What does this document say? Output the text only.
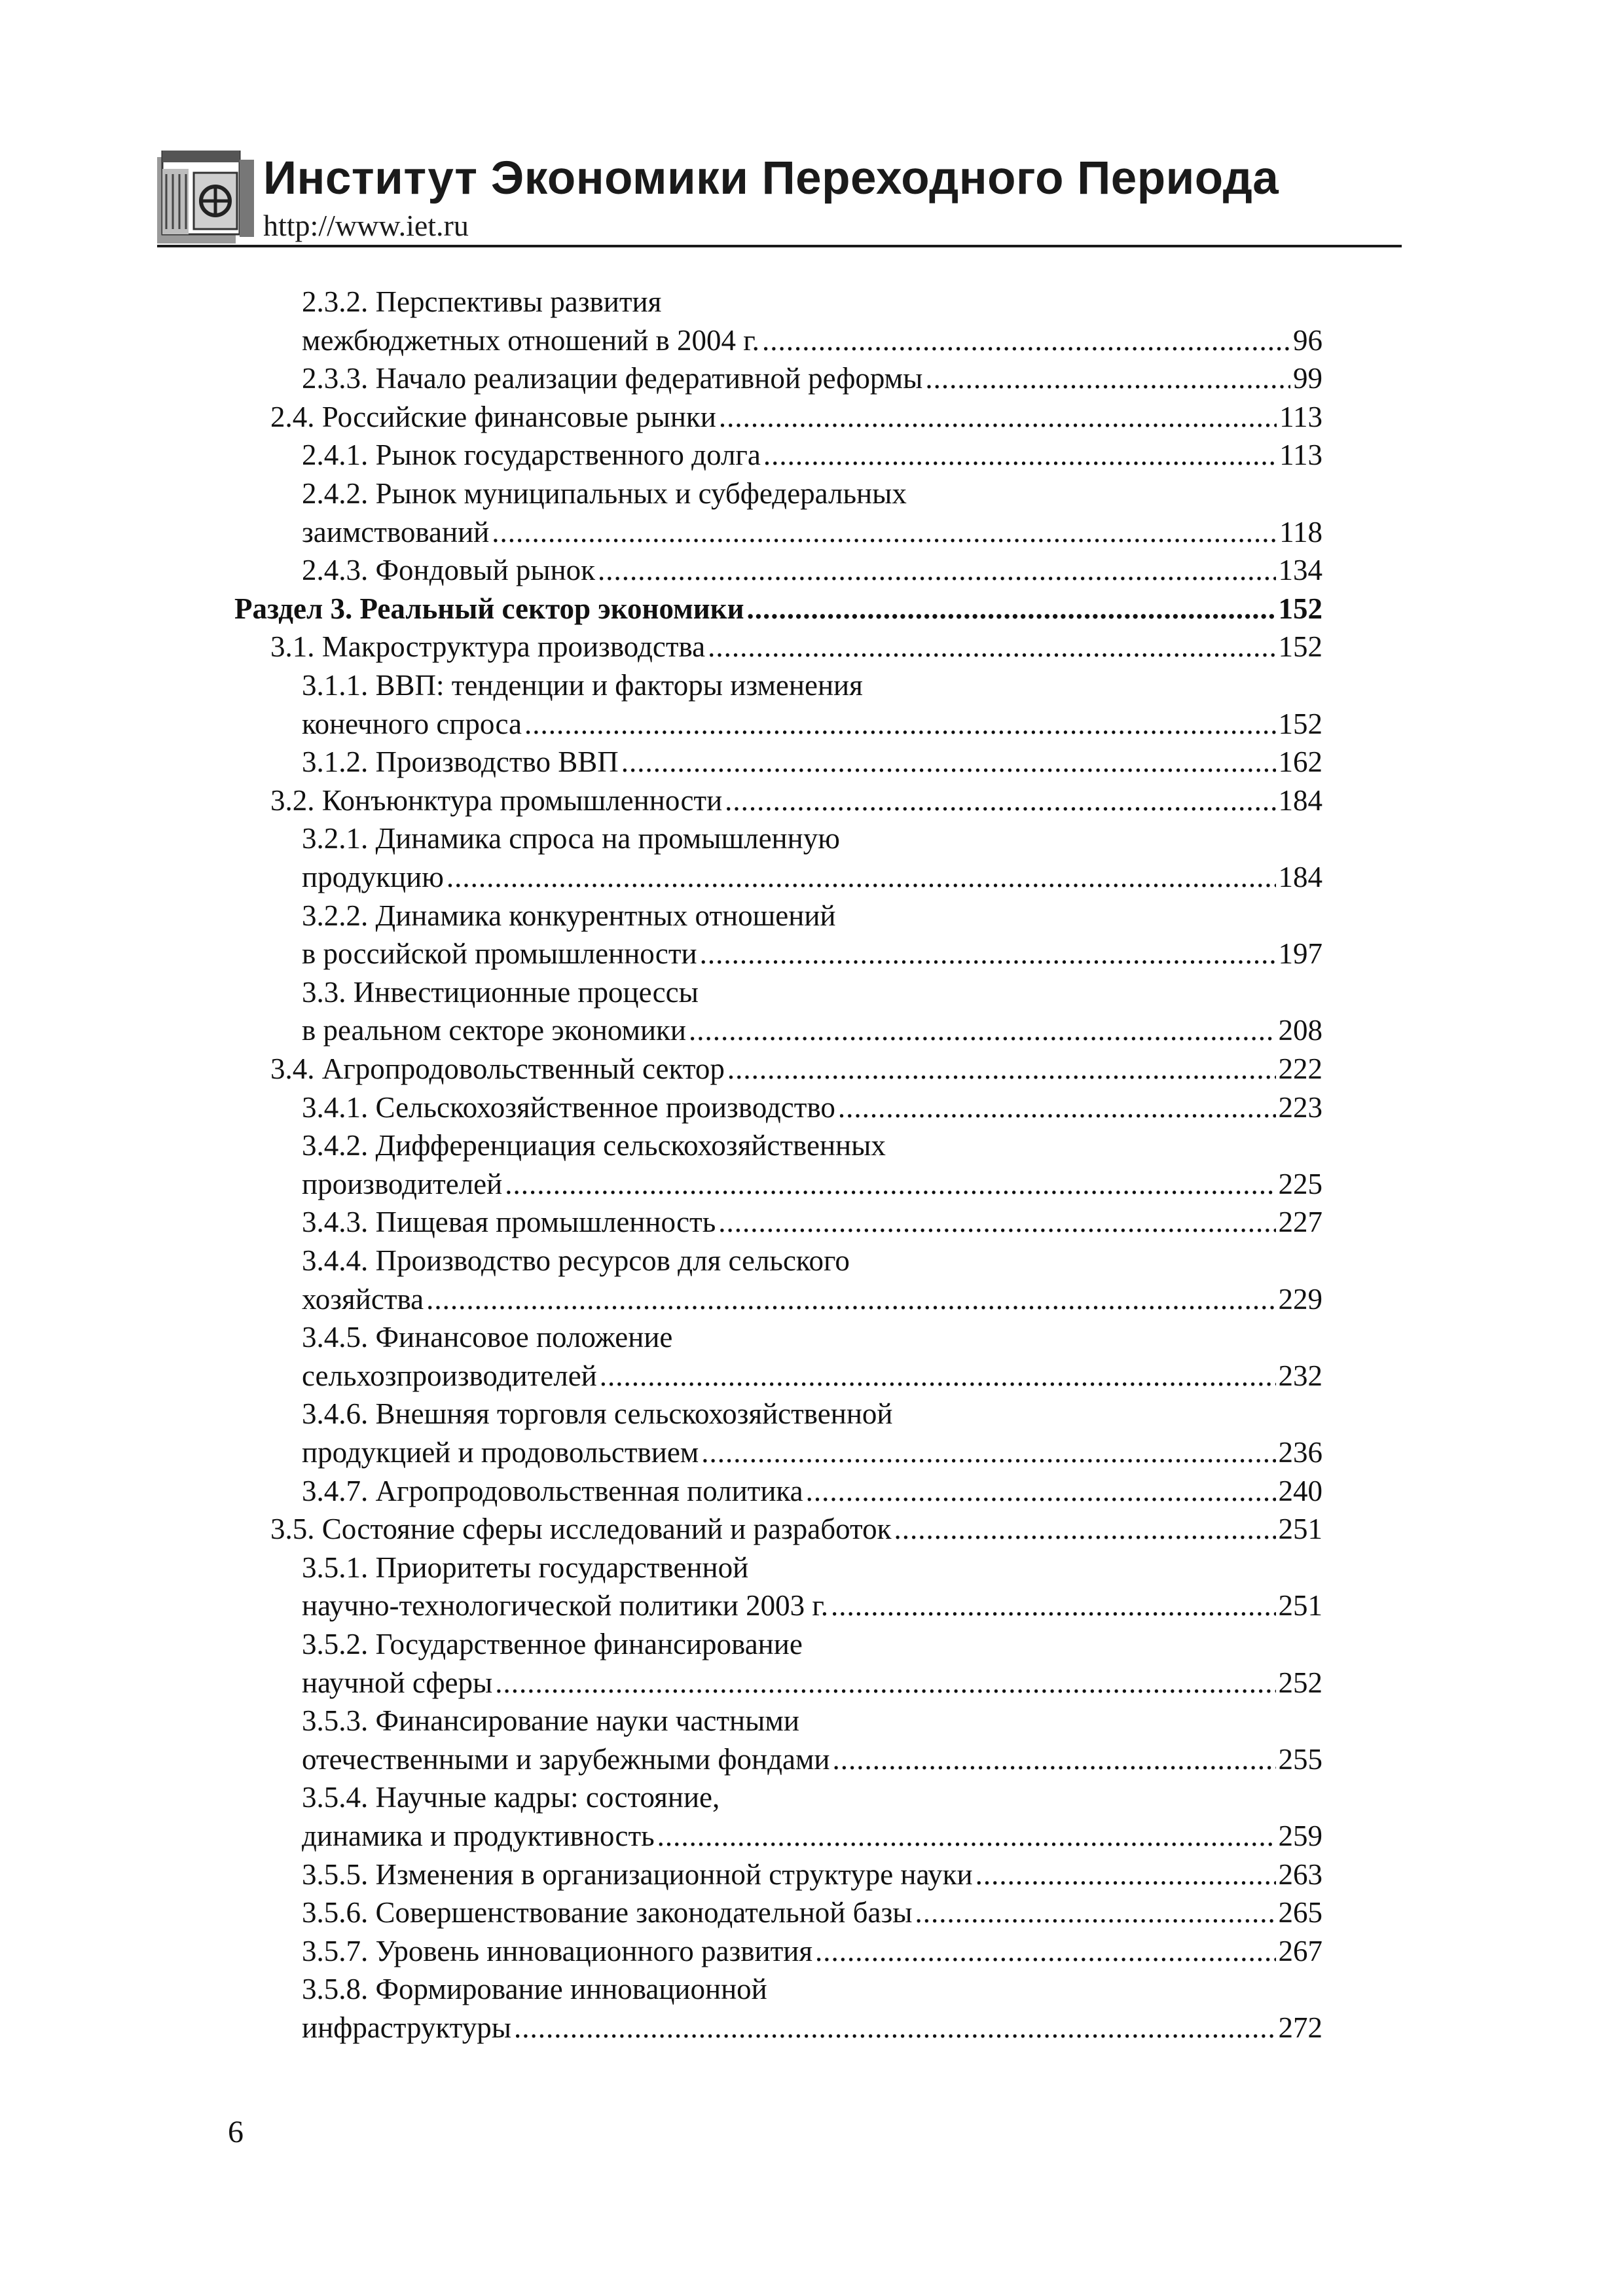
Институт Экономики Переходного Периода
http://www.iet.ru
2.3.2. Перспективы развития
межбюджетных отношений в 2004 г. .....	96
2.3.3. Начало реализации федеративной реформы .....	99
2.4. Российские финансовые рынки .....	113
2.4.1. Рынок государственного долга .....	113
2.4.2. Рынок муниципальных и субфедеральных
заимствований .....	118
2.4.3. Фондовый рынок .....	134
Раздел 3. Реальный сектор экономики .....	152
3.1. Макроструктура производства .....	152
3.1.1. ВВП: тенденции и факторы изменения
конечного спроса .....	152
3.1.2. Производство ВВП .....	162
3.2. Конъюнктура промышленности .....	184
3.2.1. Динамика спроса на промышленную
продукцию .....	184
3.2.2. Динамика конкурентных отношений
в российской промышленности .....	197
3.3. Инвестиционные процессы
в реальном секторе экономики .....	208
3.4. Агропродовольственный сектор .....	222
3.4.1. Сельскохозяйственное производство .....	223
3.4.2. Дифференциация сельскохозяйственных
производителей .....	225
3.4.3. Пищевая промышленность .....	227
3.4.4. Производство ресурсов для сельского
хозяйства .....	229
3.4.5. Финансовое положение
сельхозпроизводителей .....	232
3.4.6. Внешняя торговля сельскохозяйственной
продукцией и продовольствием .....	236
3.4.7. Агропродовольственная политика .....	240
3.5. Состояние сферы исследований и разработок .....	251
3.5.1. Приоритеты государственной
научно-технологической политики 2003 г. .....	251
3.5.2. Государственное финансирование
научной сферы .....	252
3.5.3. Финансирование науки частными
отечественными и зарубежными фондами .....	255
3.5.4. Научные кадры: состояние,
динамика и продуктивность .....	259
3.5.5. Изменения в организационной структуре науки .....	263
3.5.6. Совершенствование законодательной базы .....	265
3.5.7. Уровень инновационного развития .....	267
3.5.8. Формирование инновационной
инфраструктуры .....	272
6
